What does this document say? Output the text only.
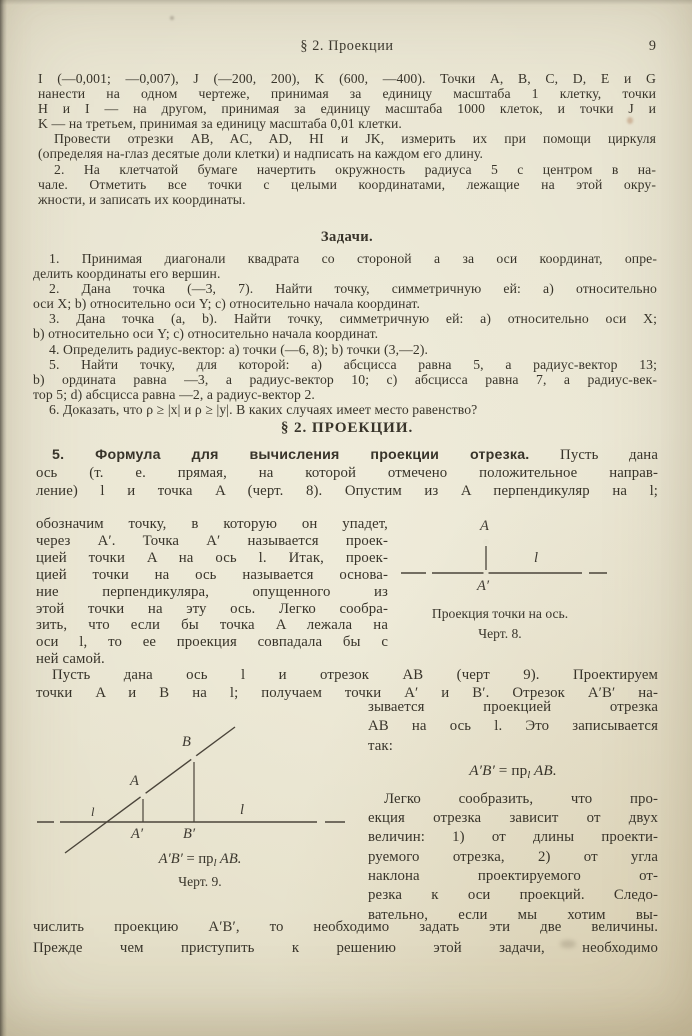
§ 2. Проекции	9
I (—0,001; —0,007), J (—200, 200), K (600, —400). Точки A, B, C, D, E и G
нанести на одном чертеже, принимая за единицу масштаба 1 клетку, точки
H и I — на другом, принимая за единицу масштаба 1000 клеток, и точки J и
K — на третьем, принимая за единицу масштаба 0,01 клетки.
Провести отрезки AB, AC, AD, HI и JK, измерить их при помощи циркуля
(определяя на-глаз десятые доли клетки) и надписать на каждом его длину.
2. На клетчатой бумаге начертить окружность радиуса 5 с центром в на-
чале. Отметить все точки с целыми координатами, лежащие на этой окру-
жности, и записать их координаты.
Задачи.
1. Принимая диагонали квадрата со стороной a за оси координат, опре-
делить координаты его вершин.
2. Дана точка (—3, 7). Найти точку, симметричную ей: a) относительно
оси X; b) относительно оси Y; c) относительно начала координат.
3. Дана точка (a, b). Найти точку, симметричную ей: a) относительно оси X;
b) относительно оси Y; c) относительно начала координат.
4. Определить радиус-вектор: a) точки (—6, 8); b) точки (3,—2).
5. Найти точку, для которой: a) абсцисса равна 5, а радиус-вектор 13;
b) ордината равна —3, а радиус-вектор 10; c) абсцисса равна 7, а радиус-век-
тор 5; d) абсцисса равна —2, а радиус-вектор 2.
6. Доказать, что ρ ≥ |x| и ρ ≥ |y|. В каких случаях имеет место равенство?
§ 2. ПРОЕКЦИИ.
5. Формула для вычисления проекции отрезка. Пусть дана
ось (т. е. прямая, на которой отмечено положительное направ-
ление) l и точка A (черт. 8). Опустим из A перпендикуляр на l;
обозначим точку, в которую он упадет,
через A′. Точка A′ называется проек-
цией точки A на ось l. Итак, проек-
цией точки на ось называется основа-
ние перпендикуляра, опущенного из
этой точки на эту ось. Легко сообра-
зить, что если бы точка A лежала на
оси l, то ее проекция совпадала бы с
ней самой.
A
l
A′
Проекция точки на ось.
Черт. 8.
Пусть дана ось l и отрезок AB (черт 9). Проектируем
точки A и B на l; получаем точки A′ и B′. Отрезок A′B′ на-
B
A
l	l
A′	B′
$A'B' = пр_l$ AB.
Черт. 9.
зывается проекцией отрезка
AB на ось l. Это записывается
так:
A′B′ = прl AB.
Легко сообразить, что про-
екция отрезка зависит от двух
величин: 1) от длины проекти-
руемого отрезка, 2) от угла
наклона проектируемого от-
резка к оси проекций. Следо-
вательно, если мы хотим вы-
числить проекцию A′B′, то необходимо задать эти две величины.
Прежде чем приступить к решению этой задачи, необходимо
